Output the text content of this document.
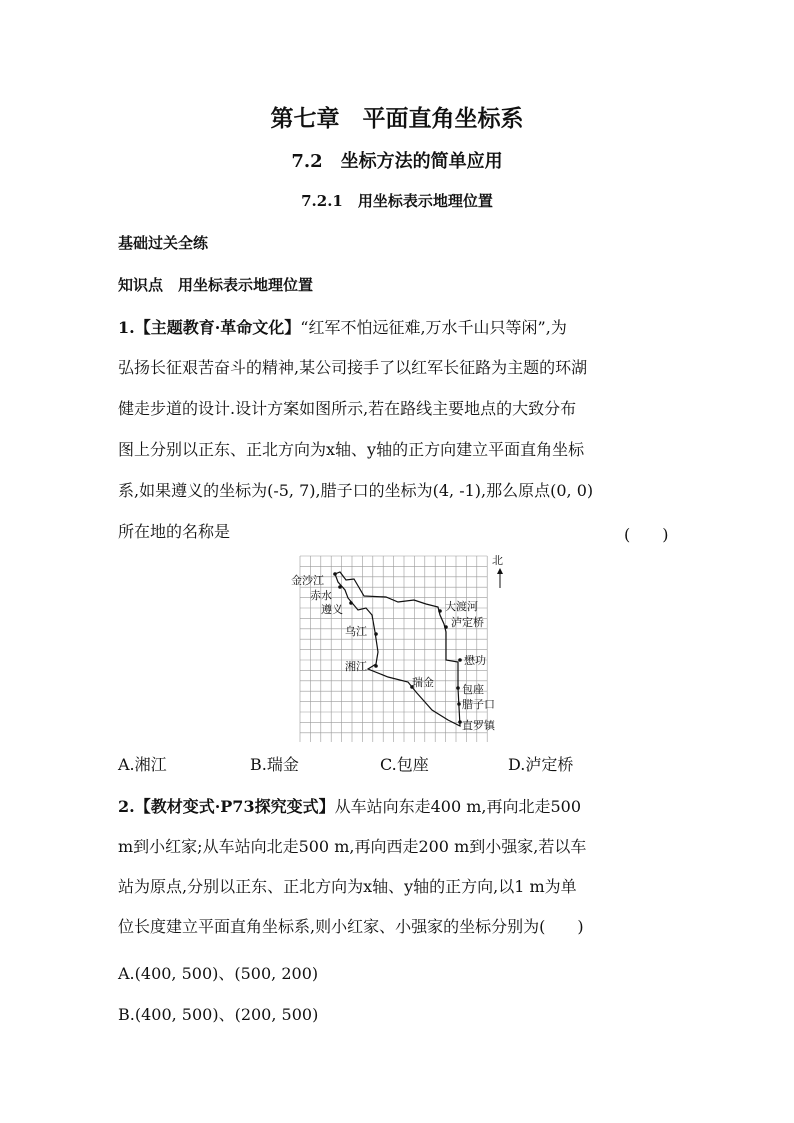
第七章　平面直角坐标系
7.2　坐标方法的简单应用
7.2.1　用坐标表示地理位置
基础过关全练
知识点　用坐标表示地理位置
1.【主题教育·革命文化】“红军不怕远征难,万水千山只等闲”,为
弘扬长征艰苦奋斗的精神,某公司接手了以红军长征路为主题的环湖
健走步道的设计.设计方案如图所示,若在路线主要地点的大致分布
图上分别以正东、正北方向为x轴、y轴的正方向建立平面直角坐标
系,如果遵义的坐标为(-5, 7),腊子口的坐标为(4, -1),那么原点(0, 0)
所在地的名称是	(　　)
北
金沙江
赤水
遵义
乌江
大渡河
泸定桥
懋功
湘江
瑞金
包座
腊子口
直罗镇
A.湘江	B.瑞金	C.包座	D.泸定桥
2.【教材变式·P73探究变式】从车站向东走400 m,再向北走500
m到小红家;从车站向北走500 m,再向西走200 m到小强家,若以车
站为原点,分别以正东、正北方向为x轴、y轴的正方向,以1 m为单
位长度建立平面直角坐标系,则小红家、小强家的坐标分别为(　　)
A.(400, 500)、(500, 200)
B.(400, 500)、(200, 500)
